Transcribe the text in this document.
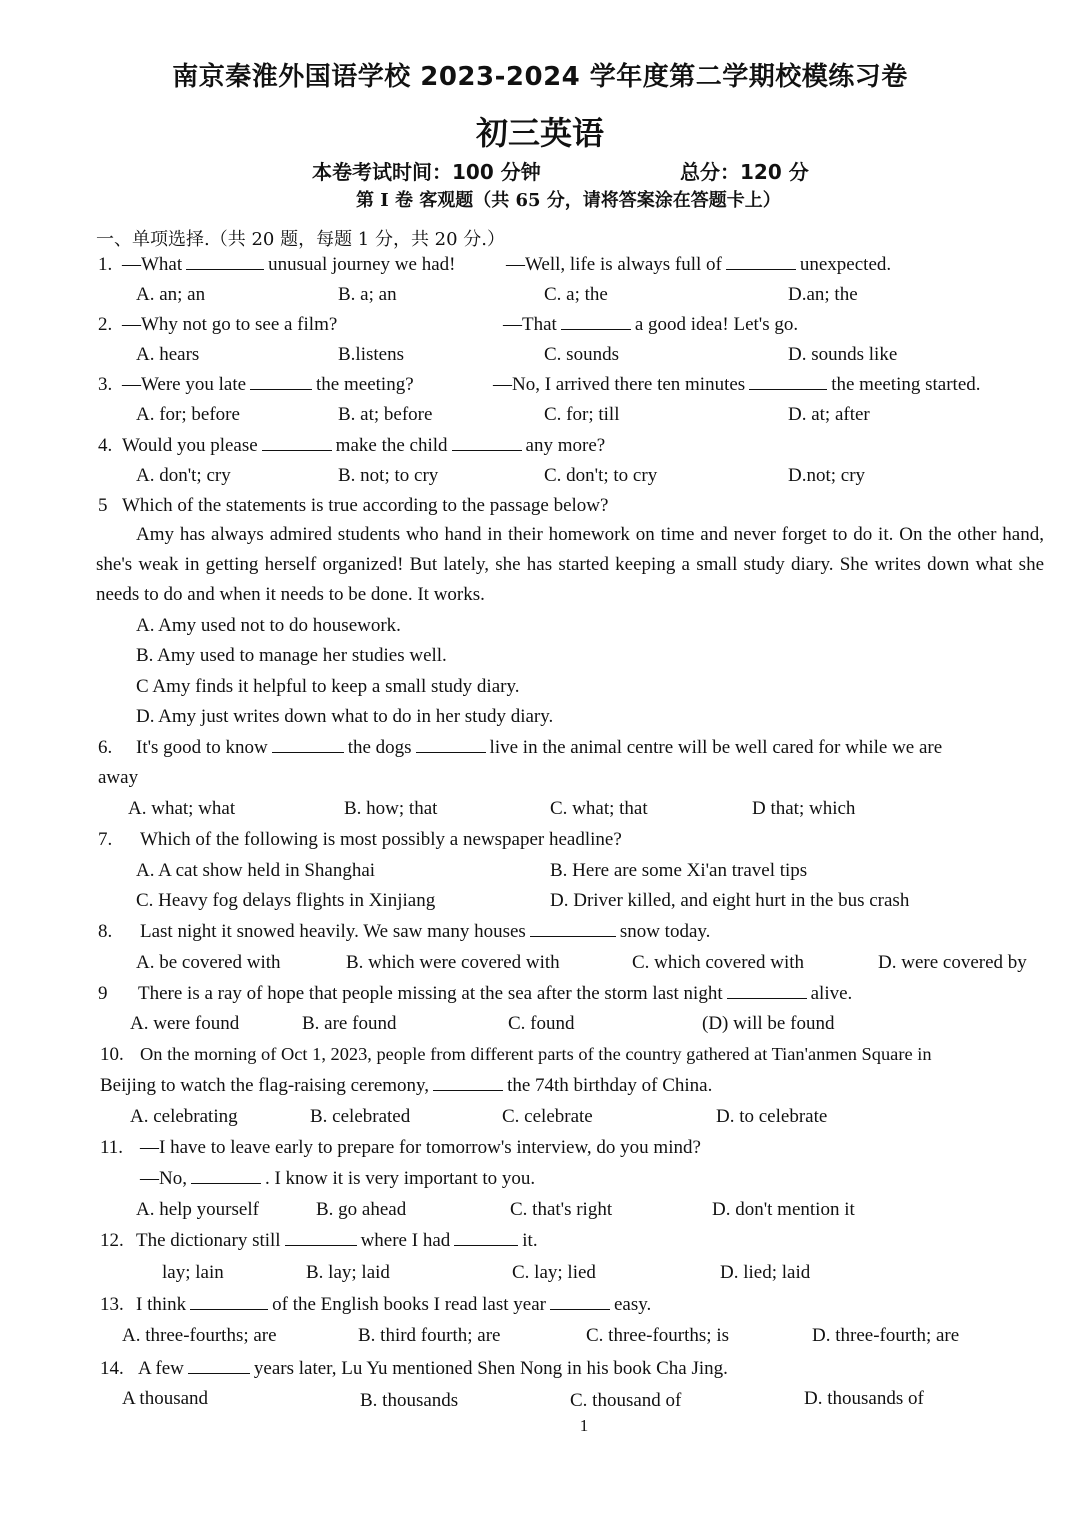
南京秦淮外国语学校 2023-2024 学年度第二学期校模练习卷
初三英语
本卷考试时间：100 分钟	总分：120 分
第 I 卷 客观题（共 65 分，请将答案涂在答题卡上）
一、单项选择.（共 20 题，每题 1 分，共 20 分.）
1. —What	unusual journey we had!	—Well, life is always full of	unexpected.
A. an; an	B. a; an	C. a; the	D.an; the
2. —Why not go to see a film?	—That	a good idea! Let's go.
A. hears	B.listens	C. sounds	D. sounds like
3. —Were you late	the meeting?	—No, I arrived there ten minutes	the meeting started.
A. for; before	B. at; before	C. for; till	D. at; after
4. Would you please	make the child	any more?
A. don't; cry	B. not; to cry	C. don't; to cry	D.not; cry
5 Which of the statements is true according to the passage below?
Amy has always admired students who hand in their homework on time and never forget to do it. On the other hand, she's weak in getting herself organized! But lately, she has started keeping a small study diary. She writes down what she needs to do and when it needs to be done. It works.
A. Amy used not to do housework.
B. Amy used to manage her studies well.
C Amy finds it helpful to keep a small study diary.
D. Amy just writes down what to do in her study diary.
6. It's good to know	the dogs	live in the animal centre will be well cared for while we are
away
A. what; what	B. how; that	C. what; that	D that; which
7. Which of the following is most possibly a newspaper headline?
A. A cat show held in Shanghai	B. Here are some Xi'an travel tips
C. Heavy fog delays flights in Xinjiang	D. Driver killed, and eight hurt in the bus crash
8. Last night it snowed heavily. We saw many houses	snow today.
A. be covered with	B. which were covered with	C. which covered with	D. were covered by
9 There is a ray of hope that people missing at the sea after the storm last night	alive.
A. were found	B. are found	C. found	(D) will be found
10. On the morning of Oct 1, 2023, people from different parts of the country gathered at Tian'anmen Square in
Beijing to watch the flag-raising ceremony,	the 74th birthday of China.
A. celebrating	B. celebrated	C. celebrate	D. to celebrate
11. —I have to leave early to prepare for tomorrow's interview, do you mind?
—No,	. I know it is very important to you.
A. help yourself	B. go ahead	C. that's right	D. don't mention it
12. The dictionary still	where I had	it.
lay; lain	B. lay; laid	C. lay; lied	D. lied; laid
13. I think	of the English books I read last year	easy.
A. three-fourths; are	B. third fourth; are	C. three-fourths; is	D. three-fourth; are
14. A few	years later, Lu Yu mentioned Shen Nong in his book Cha Jing.
A thousand	B. thousands	C. thousand of	D. thousands of
1
